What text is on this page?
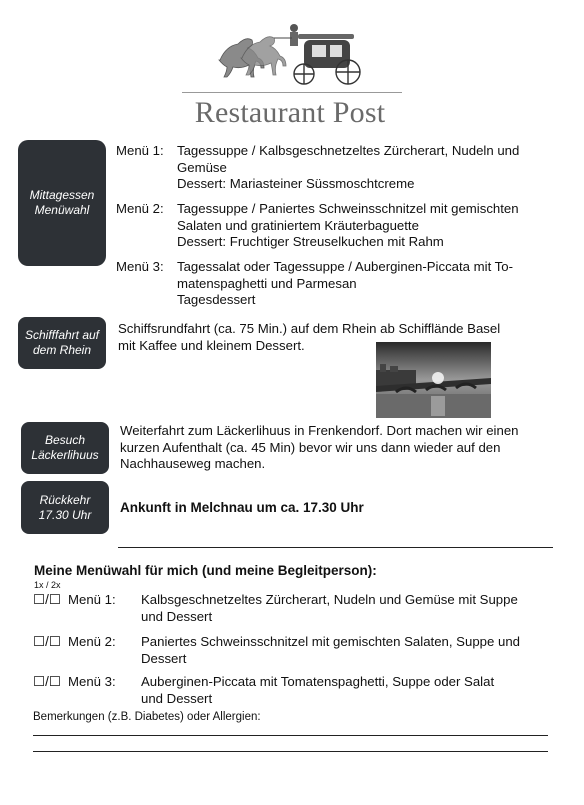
Restaurant Post
Mittagessen
Menüwahl
Menü 1: Tagessuppe / Kalbsgeschnetzeltes Zürcherart, Nudeln und
Gemüse
Dessert: Mariasteiner Süssmoschtcreme
Menü 2: Tagessuppe / Paniertes Schweinsschnitzel mit gemischten
Salaten und gratiniertem Kräuterbaguette
Dessert: Fruchtiger Streuselkuchen mit Rahm
Menü 3: Tagessalat oder Tagessuppe / Auberginen-Piccata mit To-
matenspaghetti und Parmesan
Tagesdessert
Schifffahrt auf
dem Rhein
Schiffsrundfahrt (ca. 75 Min.) auf dem Rhein ab Schifflände Basel
mit Kaffee und kleinem Dessert.
Besuch
Läckerlihuus
Weiterfahrt zum Läckerlihuus in Frenkendorf. Dort machen wir einen
kurzen Aufenthalt (ca. 45 Min) bevor wir uns dann wieder auf den
Nachhauseweg machen.
Rückkehr
17.30 Uhr Ankunft in Melchnau um ca. 17.30 Uhr
Meine Menüwahl für mich (und meine Begleitperson):
1x / 2x
☐/☐ Menü 1: Kalbsgeschnetzeltes Zürcherart, Nudeln und Gemüse mit Suppe
und Dessert
☐/☐ Menü 2: Paniertes Schweinsschnitzel mit gemischten Salaten, Suppe und
Dessert
☐/☐ Menü 3: Auberginen-Piccata mit Tomatenspaghetti, Suppe oder Salat
und Dessert
Bemerkungen (z.B. Diabetes) oder Allergien:
